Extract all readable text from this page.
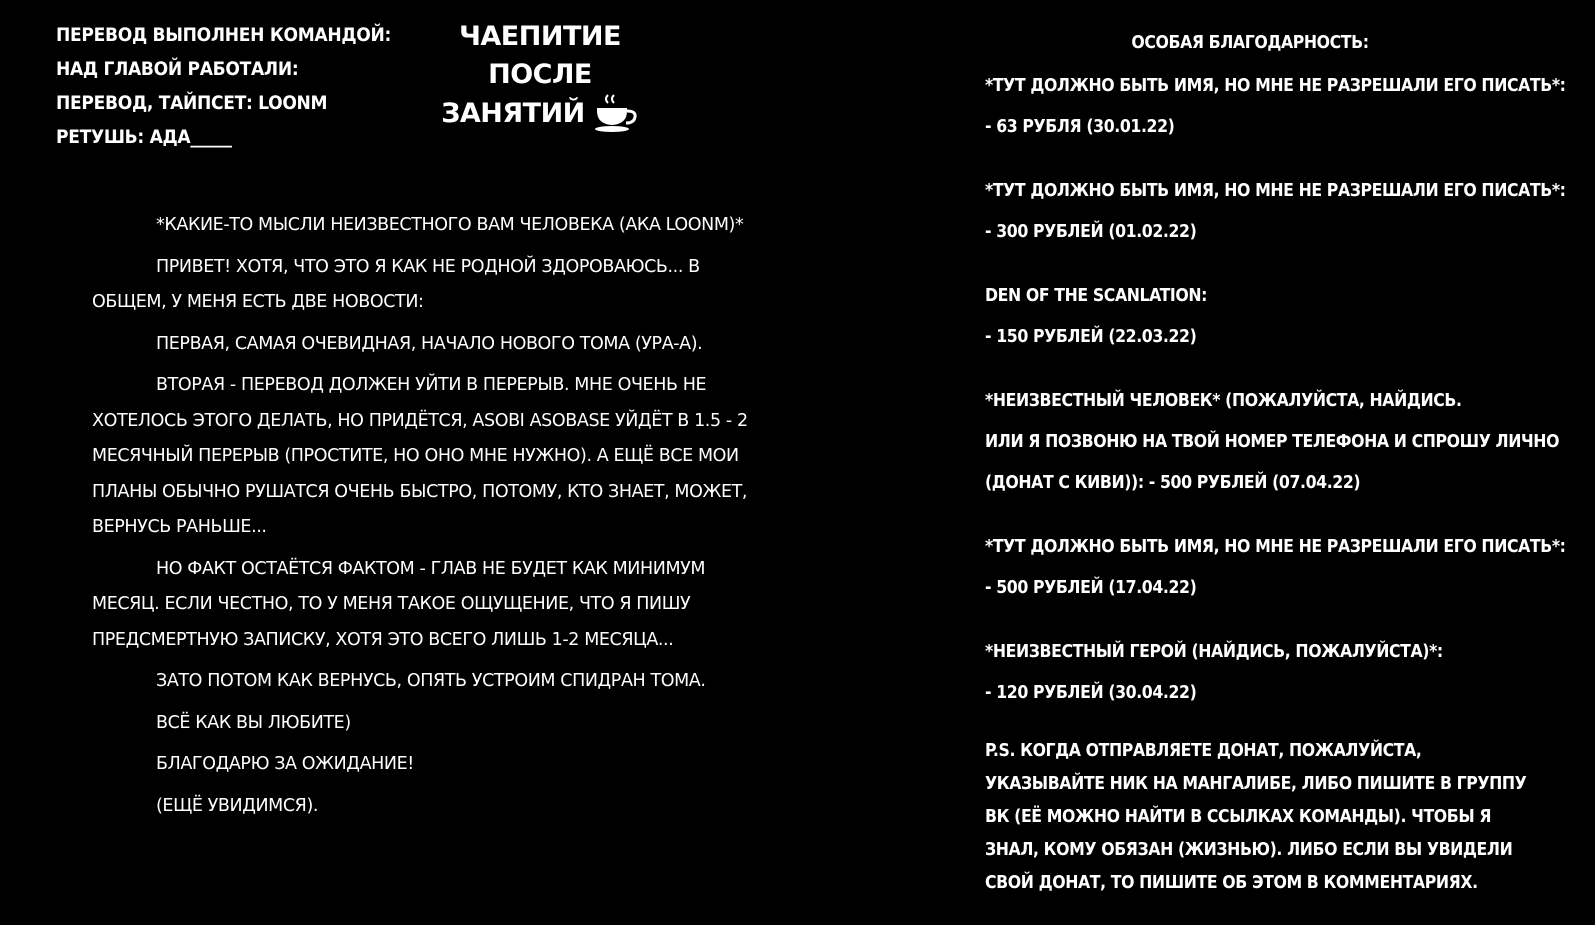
ПЕРЕВОД ВЫПОЛНЕН КОМАНДОЙ:
НАД ГЛАВОЙ РАБОТАЛИ:
ПЕРЕВОД, ТАЙПСЕТ: LOONM
РЕТУШЬ: АДА_____
ЧАЕПИТИЕ
ПОСЛЕ
ЗАНЯТИЙ

*КАКИЕ-ТО МЫСЛИ НЕИЗВЕСТНОГО ВАМ ЧЕЛОВЕКА (АКА LOONM)*

ПРИВЕТ! ХОТЯ, ЧТО ЭТО Я КАК НЕ РОДНОЙ ЗДОРОВАЮСЬ... В ОБЩЕМ, У МЕНЯ ЕСТЬ ДВЕ НОВОСТИ:

ПЕРВАЯ, САМАЯ ОЧЕВИДНАЯ, НАЧАЛО НОВОГО ТОМА (УРА-А).

ВТОРАЯ - ПЕРЕВОД ДОЛЖЕН УЙТИ В ПЕРЕРЫВ. МНЕ ОЧЕНЬ НЕ ХОТЕЛОСЬ ЭТОГО ДЕЛАТЬ, НО ПРИДЁТСЯ, ASOBI ASOBASE УЙДЁТ В 1.5 - 2 МЕСЯЧНЫЙ ПЕРЕРЫВ (ПРОСТИТЕ, НО ОНО МНЕ НУЖНО). А ЕЩЁ ВСЕ МОИ ПЛАНЫ ОБЫЧНО РУШАТСЯ ОЧЕНЬ БЫСТРО, ПОТОМУ, КТО ЗНАЕТ, МОЖЕТ, ВЕРНУСЬ РАНЬШЕ...

НО ФАКТ ОСТАЁТСЯ ФАКТОМ - ГЛАВ НЕ БУДЕТ КАК МИНИМУМ МЕСЯЦ. ЕСЛИ ЧЕСТНО, ТО У МЕНЯ ТАКОЕ ОЩУЩЕНИЕ, ЧТО Я ПИШУ ПРЕДСМЕРТНУЮ ЗАПИСКУ, ХОТЯ ЭТО ВСЕГО ЛИШЬ 1-2 МЕСЯЦА...

ЗАТО ПОТОМ КАК ВЕРНУСЬ, ОПЯТЬ УСТРОИМ СПИДРАН ТОМА.

ВСЁ КАК ВЫ ЛЮБИТЕ)

БЛАГОДАРЮ ЗА ОЖИДАНИЕ!

(ЕЩЁ УВИДИМСЯ).

ОСОБАЯ БЛАГОДАРНОСТЬ:
*ТУТ ДОЛЖНО БЫТЬ ИМЯ, НО МНЕ НЕ РАЗРЕШАЛИ ЕГО ПИСАТЬ*:
- 63 РУБЛЯ (30.01.22)
*ТУТ ДОЛЖНО БЫТЬ ИМЯ, НО МНЕ НЕ РАЗРЕШАЛИ ЕГО ПИСАТЬ*:
- 300 РУБЛЕЙ (01.02.22)
DEN OF THE SCANLATION:
- 150 РУБЛЕЙ (22.03.22)
*НЕИЗВЕСТНЫЙ ЧЕЛОВЕК* (ПОЖАЛУЙСТА, НАЙДИСЬ.
ИЛИ Я ПОЗВОНЮ НА ТВОЙ НОМЕР ТЕЛЕФОНА И СПРОШУ ЛИЧНО
(ДОНАТ С КИВИ)): - 500 РУБЛЕЙ (07.04.22)
*ТУТ ДОЛЖНО БЫТЬ ИМЯ, НО МНЕ НЕ РАЗРЕШАЛИ ЕГО ПИСАТЬ*:
- 500 РУБЛЕЙ (17.04.22)
*НЕИЗВЕСТНЫЙ ГЕРОЙ (НАЙДИСЬ, ПОЖАЛУЙСТА)*:
- 120 РУБЛЕЙ (30.04.22)
P.S. КОГДА ОТПРАВЛЯЕТЕ ДОНАТ, ПОЖАЛУЙСТА, УКАЗЫВАЙТЕ НИК НА МАНГАЛИБЕ, ЛИБО ПИШИТЕ В ГРУППУ ВК (ЕЁ МОЖНО НАЙТИ В ССЫЛКАХ КОМАНДЫ). ЧТОБЫ Я ЗНАЛ, КОМУ ОБЯЗАН (ЖИЗНЬЮ). ЛИБО ЕСЛИ ВЫ УВИДЕЛИ СВОЙ ДОНАТ, ТО ПИШИТЕ ОБ ЭТОМ В КОММЕНТАРИЯХ.
